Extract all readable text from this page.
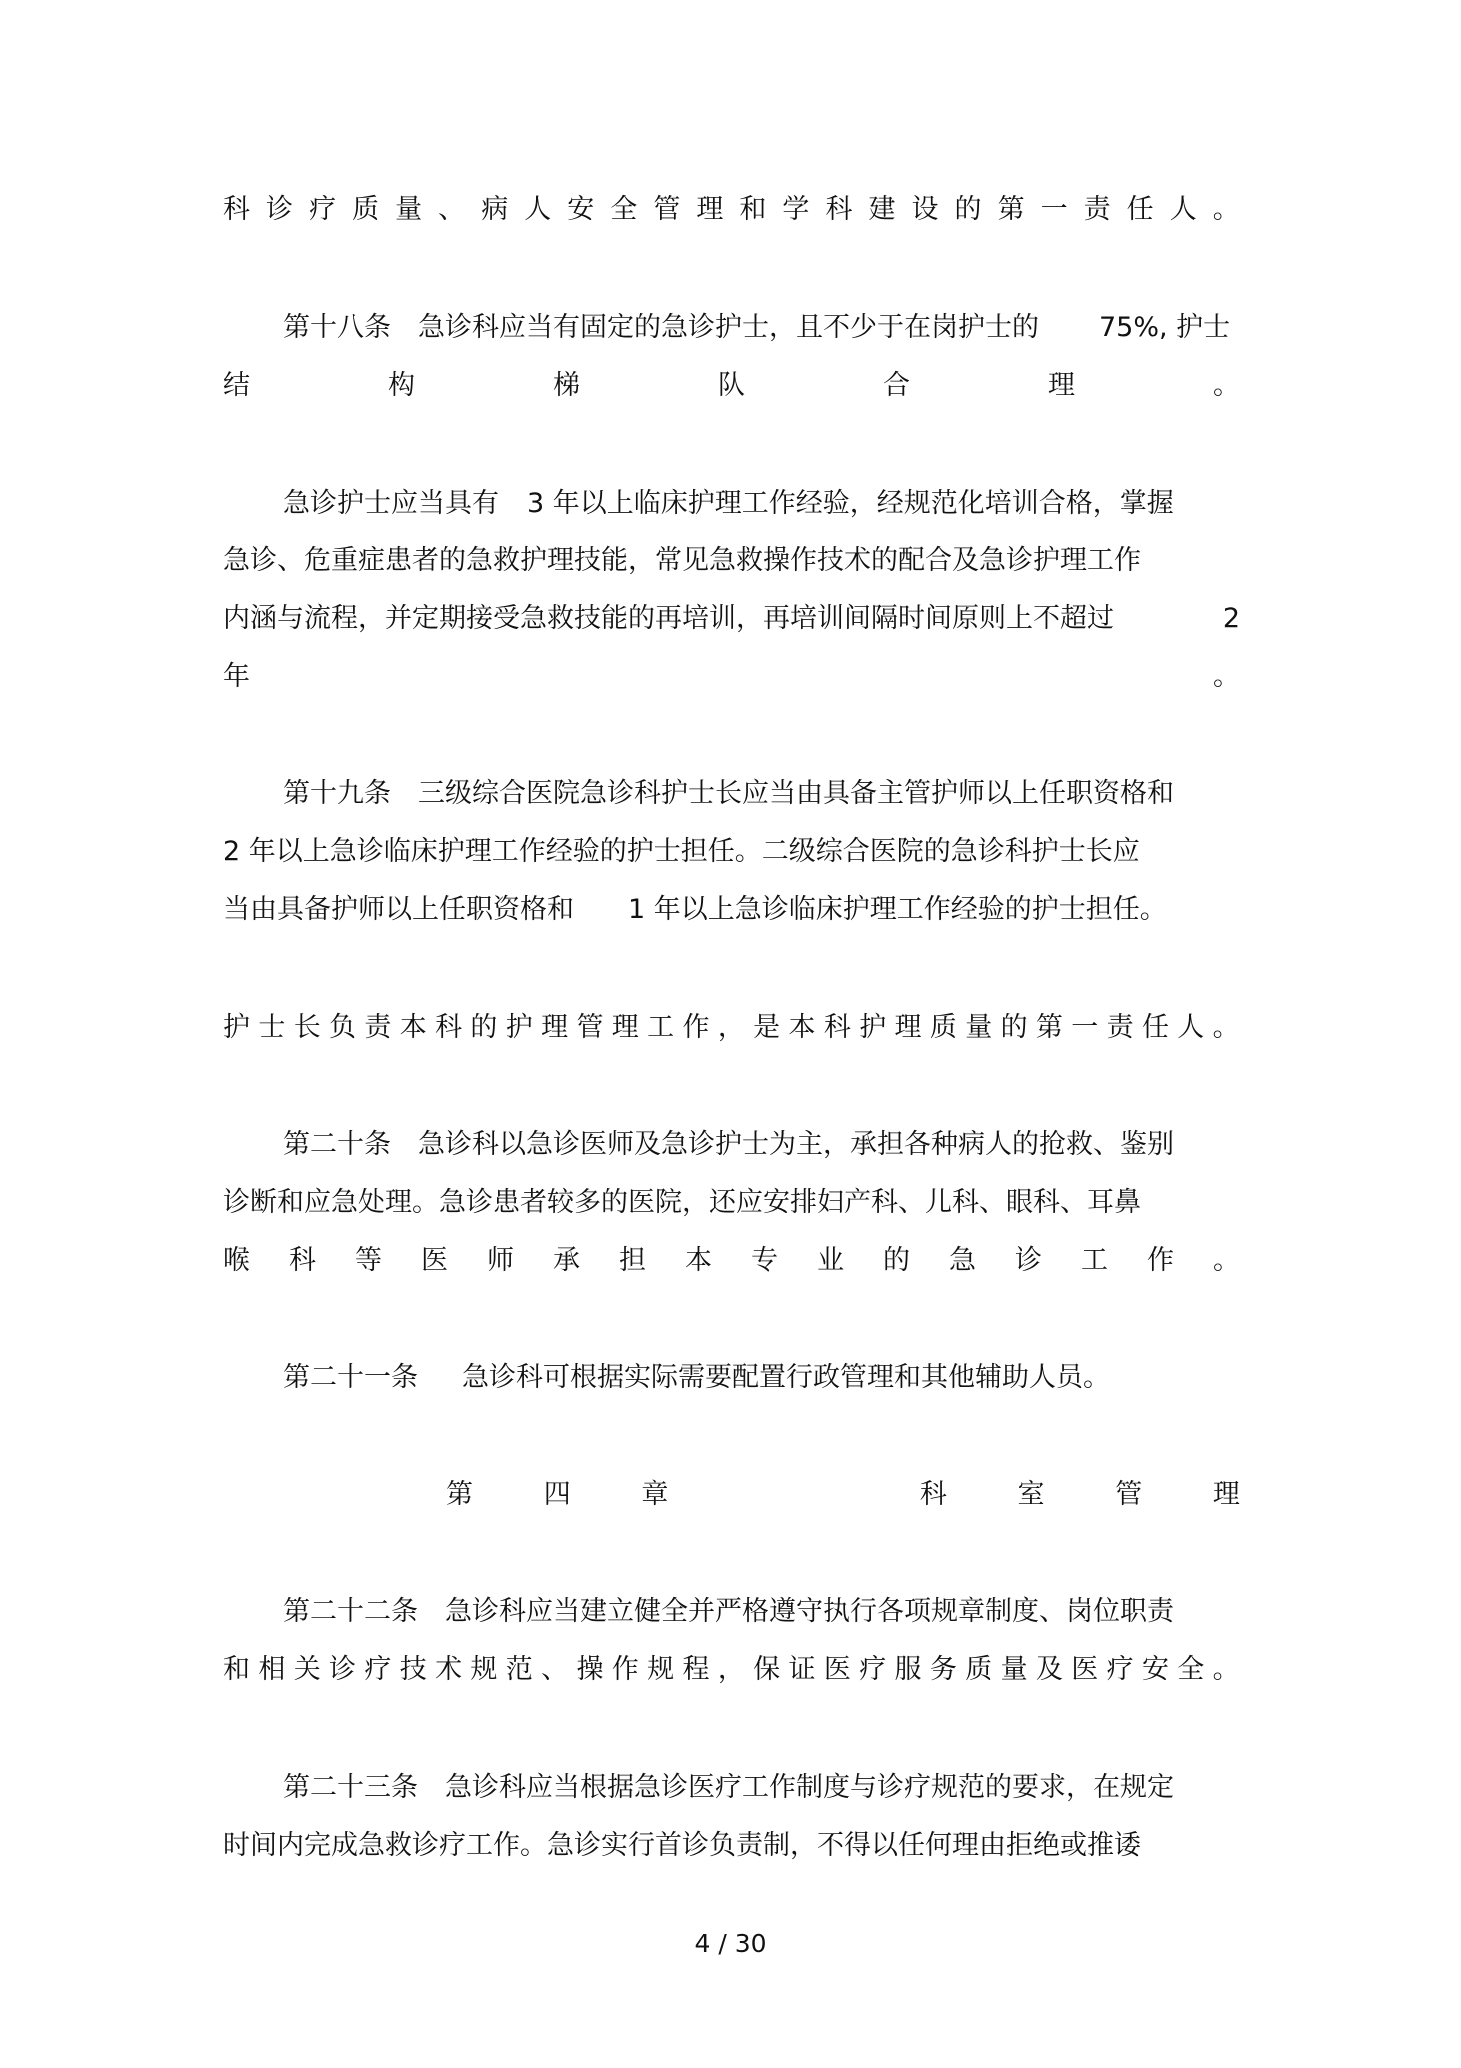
科 诊 疗 质 量 、 病 人 安 全 管 理 和 学 科 建 设 的 第 一 责 任 人 。
第十八条 急诊科应当有固定的急诊护士，且不少于在岗护士的 75%, 护士
结	构	梯	队	合	理	。
急诊护士应当具有 3 年以上临床护理工作经验，经规范化培训合格，掌握
急诊、危重症患者的急救护理技能，常见急救操作技术的配合及急诊护理工作
内涵与流程，并定期接受急救技能的再培训，再培训间隔时间原则上不超过	2
年	。
第十九条 三级综合医院急诊科护士长应当由具备主管护师以上任职资格和
2 年以上急诊临床护理工作经验的护士担任。二级综合医院的急诊科护士长应
当由具备护师以上任职资格和 1 年以上急诊临床护理工作经验的护士担任。
护 士 长 负 责 本 科 的 护 理 管 理 工 作 ， 是 本 科 护 理 质 量 的 第 一 责 任 人 。
第二十条 急诊科以急诊医师及急诊护士为主，承担各种病人的抢救、鉴别
诊断和应急处理。急诊患者较多的医院，还应安排妇产科、儿科、眼科、耳鼻
喉 科 等 医 师 承 担 本 专 业 的 急 诊 工 作 。
第二十一条 急诊科可根据实际需要配置行政管理和其他辅助人员。
第	四	章	科	室	管	理
第二十二条 急诊科应当建立健全并严格遵守执行各项规章制度、岗位职责
和 相 关 诊 疗 技 术 规 范 、 操 作 规 程 ， 保 证 医 疗 服 务 质 量 及 医 疗 安 全 。
第二十三条 急诊科应当根据急诊医疗工作制度与诊疗规范的要求，在规定
时间内完成急救诊疗工作。急诊实行首诊负责制，不得以任何理由拒绝或推诿
4 / 30
